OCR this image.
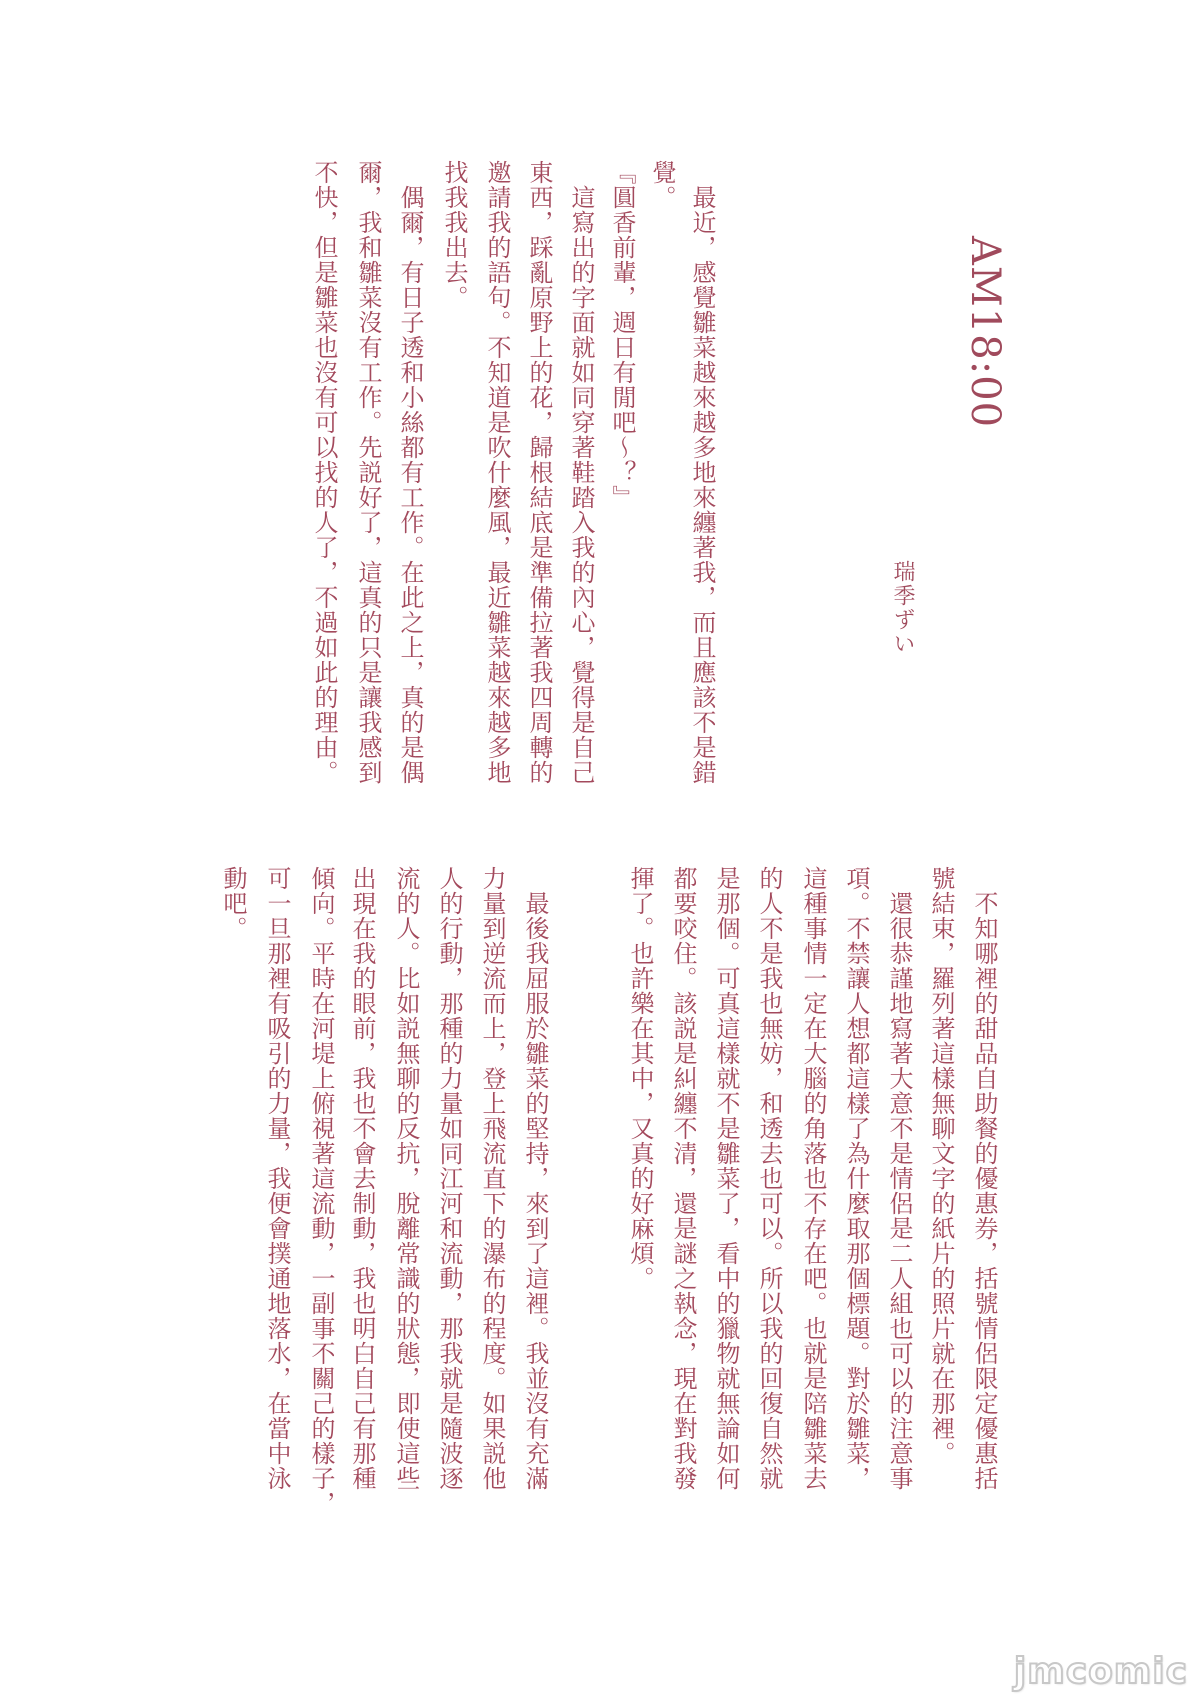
AM18:00
瑞季ずい
　最近，感覺雛菜越來越多地來纏著我，而且應該不是錯
覺。
『圓香前輩，週日有閒吧～？』
　這寫出的字面就如同穿著鞋踏入我的內心，覺得是自己
東西，踩亂原野上的花，歸根結底是準備拉著我四周轉的
邀請我的語句。不知道是吹什麼風，最近雛菜越來越多地
找我我出去。
　偶爾，有日子透和小絲都有工作。在此之上，真的是偶
爾，我和雛菜沒有工作。先説好了，這真的只是讓我感到
不快，但是雛菜也沒有可以找的人了，不過如此的理由。
　不知哪裡的甜品自助餐的優惠券，括號情侶限定優惠括
號結束，羅列著這樣無聊文字的紙片的照片就在那裡。
　還很恭謹地寫著大意不是情侶是二人組也可以的注意事
項。不禁讓人想都這樣了為什麼取那個標題。對於雛菜，
這種事情一定在大腦的角落也不存在吧。也就是陪雛菜去
的人不是我也無妨，和透去也可以。所以我的回復自然就
是那個。可真這樣就不是雛菜了，看中的獵物就無論如何
都要咬住。該説是糾纏不清，還是謎之執念，現在對我發
揮了。也許樂在其中，又真的好麻煩。
　最後我屈服於雛菜的堅持，來到了這裡。我並沒有充滿
力量到逆流而上，登上飛流直下的瀑布的程度。如果説他
人的行動，那種的力量如同江河和流動，那我就是隨波逐
流的人。比如説無聊的反抗，脫離常識的狀態，即使這些
出現在我的眼前，我也不會去制動，我也明白自己有那種
傾向。平時在河堤上俯視著這流動，一副事不關己的樣子，
可一旦那裡有吸引的力量，我便會撲通地落水，在當中泳
動吧。
jmcomic
